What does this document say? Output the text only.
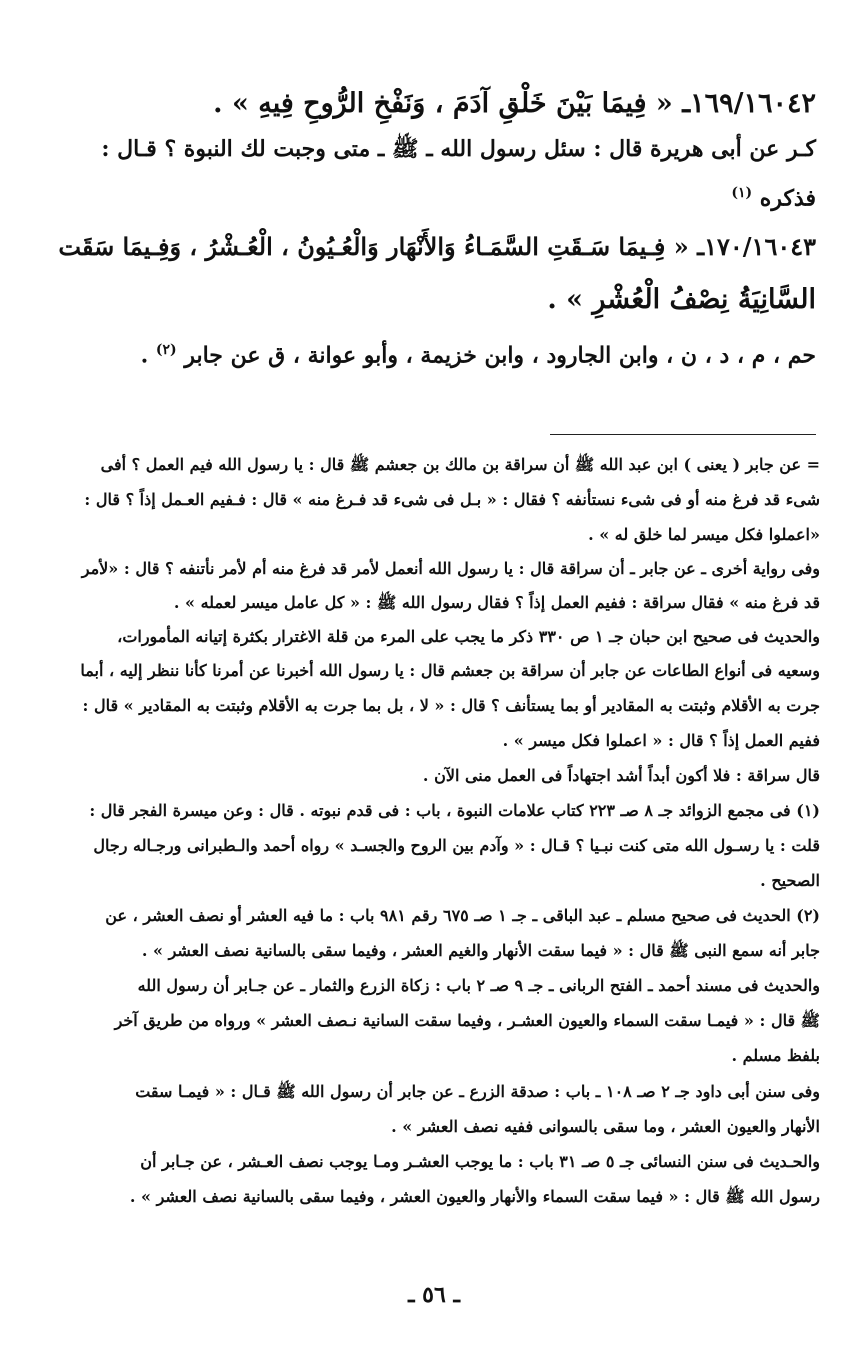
١٦٩/١٦٠٤٢ـ « فِيمَا بَيْنَ خَلْقِ آدَمَ ، وَنَفْخِ الرُّوحِ فِيهِ » .
كـر عن أبى هريرة قال : سئل رسول الله ـ ﷺ ـ متى وجبت لك النبوة ؟ قـال :
فذكره $^{(١)}$
١٧٠/١٦٠٤٣ـ « فِـيمَا سَـقَتِ السَّمَـاءُ وَالأَنْهَار وَالْعُـيُونُ ، الْعُـشْرُ ، وَفِـيمَا سَقَت
السَّانِيَةُ نِصْفُ الْعُشْرِ » .
حم ، م ، د ، ن ، وابن الجارود ، وابن خزيمة ، وأبو عوانة ، ق عن جابر $^{(٢)}$ .
= عن جابر ( يعنى ) ابن عبد الله ﷺ أن سراقة بن مالك بن جعشم ﷺ قال : يا رسول الله فيم العمل ؟ أفى
شىء قد فرغ منه أو فى شىء نستأنفه ؟ فقال : « بـل فى شىء قد فـرغ منه » قال : فـفيم العـمل إذاً ؟ قال :
«اعملوا فكل ميسر لما خلق له » .
وفى رواية أخرى ـ عن جابر ـ أن سراقة قال : يا رسول الله أنعمل لأمر قد فرغ منه أم لأمر نأتنفه ؟ قال : «لأمر
قد فرغ منه » فقال سراقة : ففيم العمل إذاً ؟ فقال رسول الله ﷺ : « كل عامل ميسر لعمله » .
والحديث فى صحيح ابن حبان جـ ١ ص ٣٣٠ ذكر ما يجب على المرء من قلة الاغترار بكثرة إتيانه المأمورات،
وسعيه فى أنواع الطاعات عن جابر أن سراقة بن جعشم قال : يا رسول الله أخبرنا عن أمرنا كأنا ننظر إليه ، أبما
جرت به الأقلام وثبتت به المقادير أو بما يستأنف ؟ قال : « لا ، بل بما جرت به الأقلام وثبتت به المقادير » قال :
ففيم العمل إذاً ؟ قال : « اعملوا فكل ميسر » .
قال سراقة : فلا أكون أبداً أشد اجتهاداً فى العمل منى الآن .
(١) فى مجمع الزوائد جـ ٨ صـ ٢٢٣ كتاب علامات النبوة ، باب : فى قدم نبوته . قال : وعن ميسرة الفجر قال :
قلت : يا رسـول الله متى كنت نبـيا ؟ قـال : « وآدم بين الروح والجسـد » رواه أحمد والـطبرانى ورجـاله رجال
الصحيح .
(٢) الحديث فى صحيح مسلم ـ عبد الباقى ـ جـ ١ صـ ٦٧٥ رقم ٩٨١ باب : ما فيه العشر أو نصف العشر ، عن
جابر أنه سمع النبى ﷺ قال : « فيما سقت الأنهار والغيم العشر ، وفيما سقى بالسانية نصف العشر » .
والحديث فى مسند أحمد ـ الفتح الربانى ـ جـ ٩ صـ ٢ باب : زكاة الزرع والثمار ـ عن جـابر أن رسول الله
ﷺ قال : « فيمـا سقت السماء والعيون العشـر ، وفيما سقت السانية نـصف العشر » ورواه من طريق آخر
بلفظ مسلم .
وفى سنن أبى داود جـ ٢ صـ ١٠٨ ـ باب : صدقة الزرع ـ عن جابر أن رسول الله ﷺ قـال : « فيمـا سقت
الأنهار والعيون العشر ، وما سقى بالسوانى ففيه نصف العشر » .
والحـديث فى سنن النسائى جـ ٥ صـ ٣١ باب : ما يوجب العشـر ومـا يوجب نصف العـشر ، عن جـابر أن
رسول الله ﷺ قال : « فيما سقت السماء والأنهار والعيون العشر ، وفيما سقى بالسانية نصف العشر » .
ـ ٥٦ ـ
